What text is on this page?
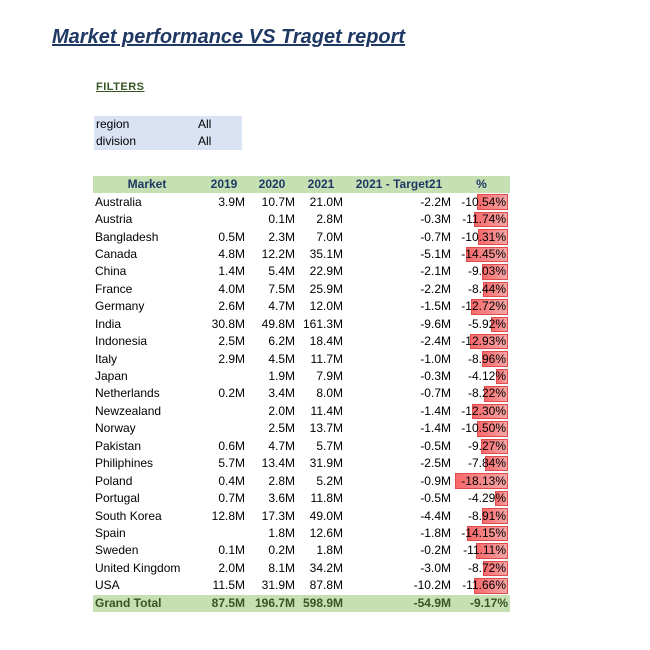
Market performance VS Traget report
FILTERS
region	All
division	All
Market	2019	2020	2021	2021 - Target21	%
Australia	3.9M	10.7M	21.0M	-2.2M	-10.54%
Austria		0.1M	2.8M	-0.3M	-11.74%
Bangladesh	0.5M	2.3M	7.0M	-0.7M	-10.31%
Canada	4.8M	12.2M	35.1M	-5.1M	-14.45%
China	1.4M	5.4M	22.9M	-2.1M	-9.03%
France	4.0M	7.5M	25.9M	-2.2M	-8.44%
Germany	2.6M	4.7M	12.0M	-1.5M	-12.72%
India	30.8M	49.8M	161.3M	-9.6M	-5.92%
Indonesia	2.5M	6.2M	18.4M	-2.4M	-12.93%
Italy	2.9M	4.5M	11.7M	-1.0M	-8.96%
Japan		1.9M	7.9M	-0.3M	-4.12%
Netherlands	0.2M	3.4M	8.0M	-0.7M	-8.22%
Newzealand		2.0M	11.4M	-1.4M	-12.30%
Norway		2.5M	13.7M	-1.4M	-10.50%
Pakistan	0.6M	4.7M	5.7M	-0.5M	-9.27%
Philiphines	5.7M	13.4M	31.9M	-2.5M	-7.84%
Poland	0.4M	2.8M	5.2M	-0.9M	-18.13%
Portugal	0.7M	3.6M	11.8M	-0.5M	-4.29%
South Korea	12.8M	17.3M	49.0M	-4.4M	-8.91%
Spain		1.8M	12.6M	-1.8M	-14.15%
Sweden	0.1M	0.2M	1.8M	-0.2M	-11.11%
United Kingdom	2.0M	8.1M	34.2M	-3.0M	-8.72%
USA	11.5M	31.9M	87.8M	-10.2M	-11.66%
Grand Total	87.5M	196.7M	598.9M	-54.9M	-9.17%
